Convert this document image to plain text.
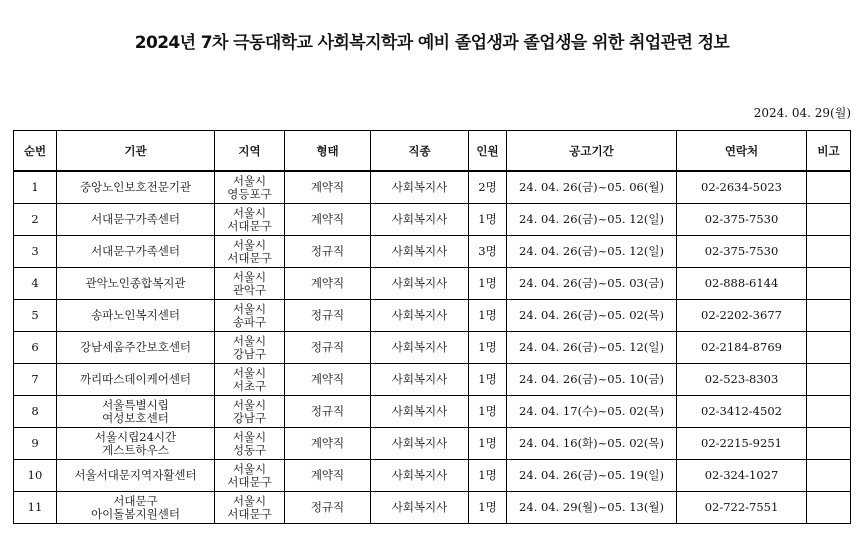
2024년 7차 극동대학교 사회복지학과 예비 졸업생과 졸업생을 위한 취업관련 정보
2024. 04. 29(월)
순번	기관	지역	형태	직종	인원	공고기간	연락처	비고
1	중앙노인보호전문기관	서울시
영등포구	계약직	사회복지사	2명	24. 04. 26(금)~05. 06(월)	02-2634-5023	
2	서대문구가족센터	서울시
서대문구	계약직	사회복지사	1명	24. 04. 26(금)~05. 12(일)	02-375-7530	
3	서대문구가족센터	서울시
서대문구	정규직	사회복지사	3명	24. 04. 26(금)~05. 12(일)	02-375-7530	
4	관악노인종합복지관	서울시
관악구	계약직	사회복지사	1명	24. 04. 26(금)~05. 03(금)	02-888-6144	
5	송파노인복지센터	서울시
송파구	정규직	사회복지사	1명	24. 04. 26(금)~05. 02(목)	02-2202-3677	
6	강남세움주간보호센터	서울시
강남구	정규직	사회복지사	1명	24. 04. 26(금)~05. 12(일)	02-2184-8769	
7	까리따스데이케어센터	서울시
서초구	계약직	사회복지사	1명	24. 04. 26(금)~05. 10(금)	02-523-8303	
8	서울특별시립
여성보호센터	서울시
강남구	정규직	사회복지사	1명	24. 04. 17(수)~05. 02(목)	02-3412-4502	
9	서울시립24시간
게스트하우스	서울시
성동구	계약직	사회복지사	1명	24. 04. 16(화)~05. 02(목)	02-2215-9251	
10	서울서대문지역자활센터	서울시
서대문구	계약직	사회복지사	1명	24. 04. 26(금)~05. 19(일)	02-324-1027	
11	서대문구
아이돌봄지원센터	서울시
서대문구	정규직	사회복지사	1명	24. 04. 29(월)~05. 13(월)	02-722-7551	
